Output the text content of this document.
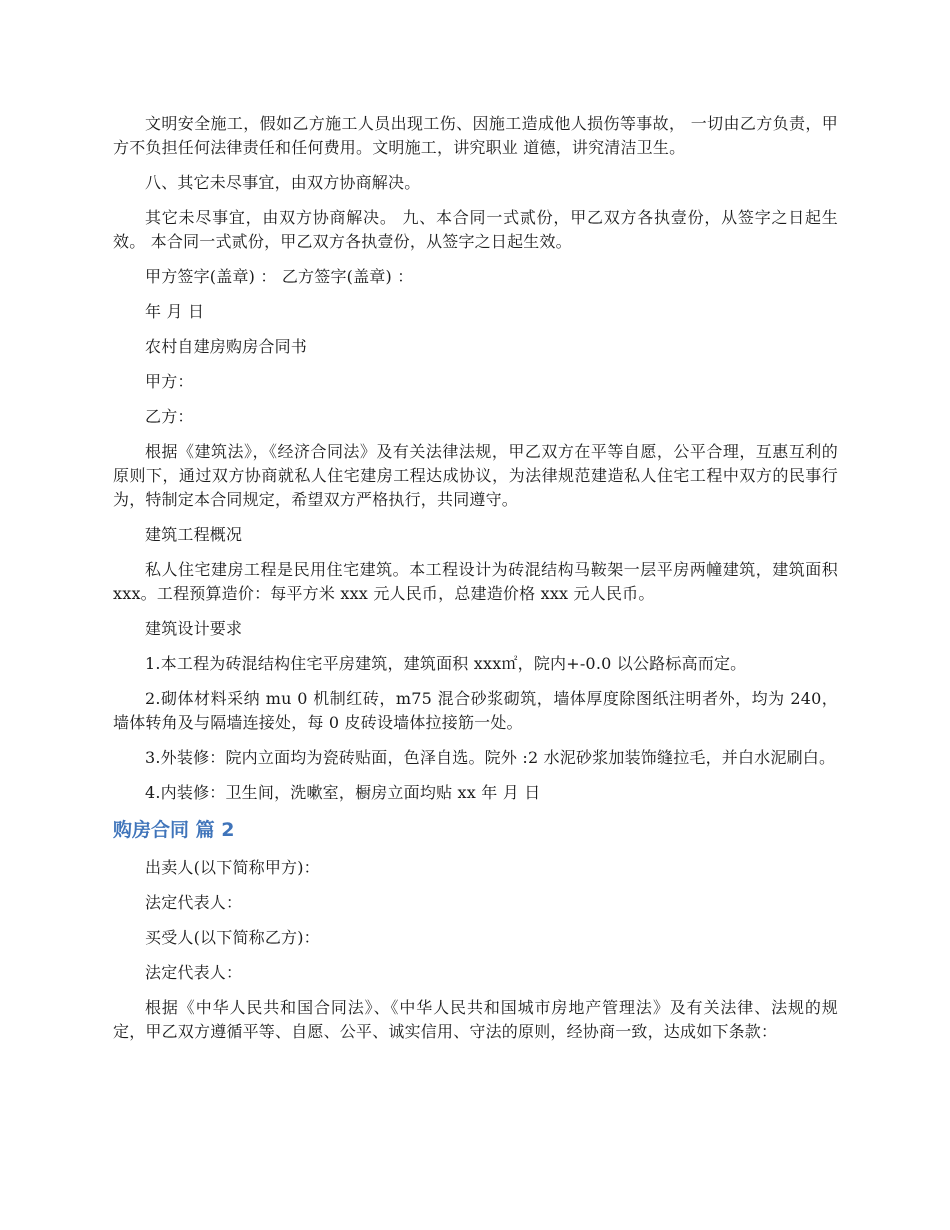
文明安全施工，假如乙方施工人员出现工伤、因施工造成他人损伤等事故， 一切由乙方负责，甲方不负担任何法律责任和任何费用。文明施工，讲究职业 道德，讲究清洁卫生。

八、其它未尽事宜，由双方协商解决。

其它未尽事宜，由双方协商解决。 九、本合同一式贰份，甲乙双方各执壹份，从签字之日起生效。 本合同一式贰份，甲乙双方各执壹份，从签字之日起生效。

甲方签字(盖章) ： 乙方签字(盖章) ：

年 月 日

农村自建房购房合同书

甲方：

乙方：

根据《建筑法》，《经济合同法》及有关法律法规，甲乙双方在平等自愿，公平合理，互惠互利的原则下，通过双方协商就私人住宅建房工程达成协议，为法律规范建造私人住宅工程中双方的民事行为，特制定本合同规定，希望双方严格执行，共同遵守。

建筑工程概况

私人住宅建房工程是民用住宅建筑。本工程设计为砖混结构马鞍架一层平房两幢建筑，建筑面积 xxx。工程预算造价：每平方米 xxx 元人民币，总建造价格 xxx 元人民币。

建筑设计要求

1.本工程为砖混结构住宅平房建筑，建筑面积 xxx㎡，院内+-0.0 以公路标高而定。

2.砌体材料采纳 mu 0 机制红砖，m75 混合砂浆砌筑，墙体厚度除图纸注明者外，均为 240，墙体转角及与隔墙连接处，每 0 皮砖设墙体拉接筋一处。

3.外装修：院内立面均为瓷砖贴面，色泽自选。院外 :2 水泥砂浆加装饰缝拉毛，并白水泥刷白。

4.内装修：卫生间，洗嗽室，橱房立面均贴 xx 年 月 日

购房合同 篇 2

出卖人(以下简称甲方)：

法定代表人：

买受人(以下简称乙方)：

法定代表人：

根据《中华人民共和国合同法》、《中华人民共和国城市房地产管理法》及有关法律、法规的规定，甲乙双方遵循平等、自愿、公平、诚实信用、守法的原则，经协商一致，达成如下条款：
